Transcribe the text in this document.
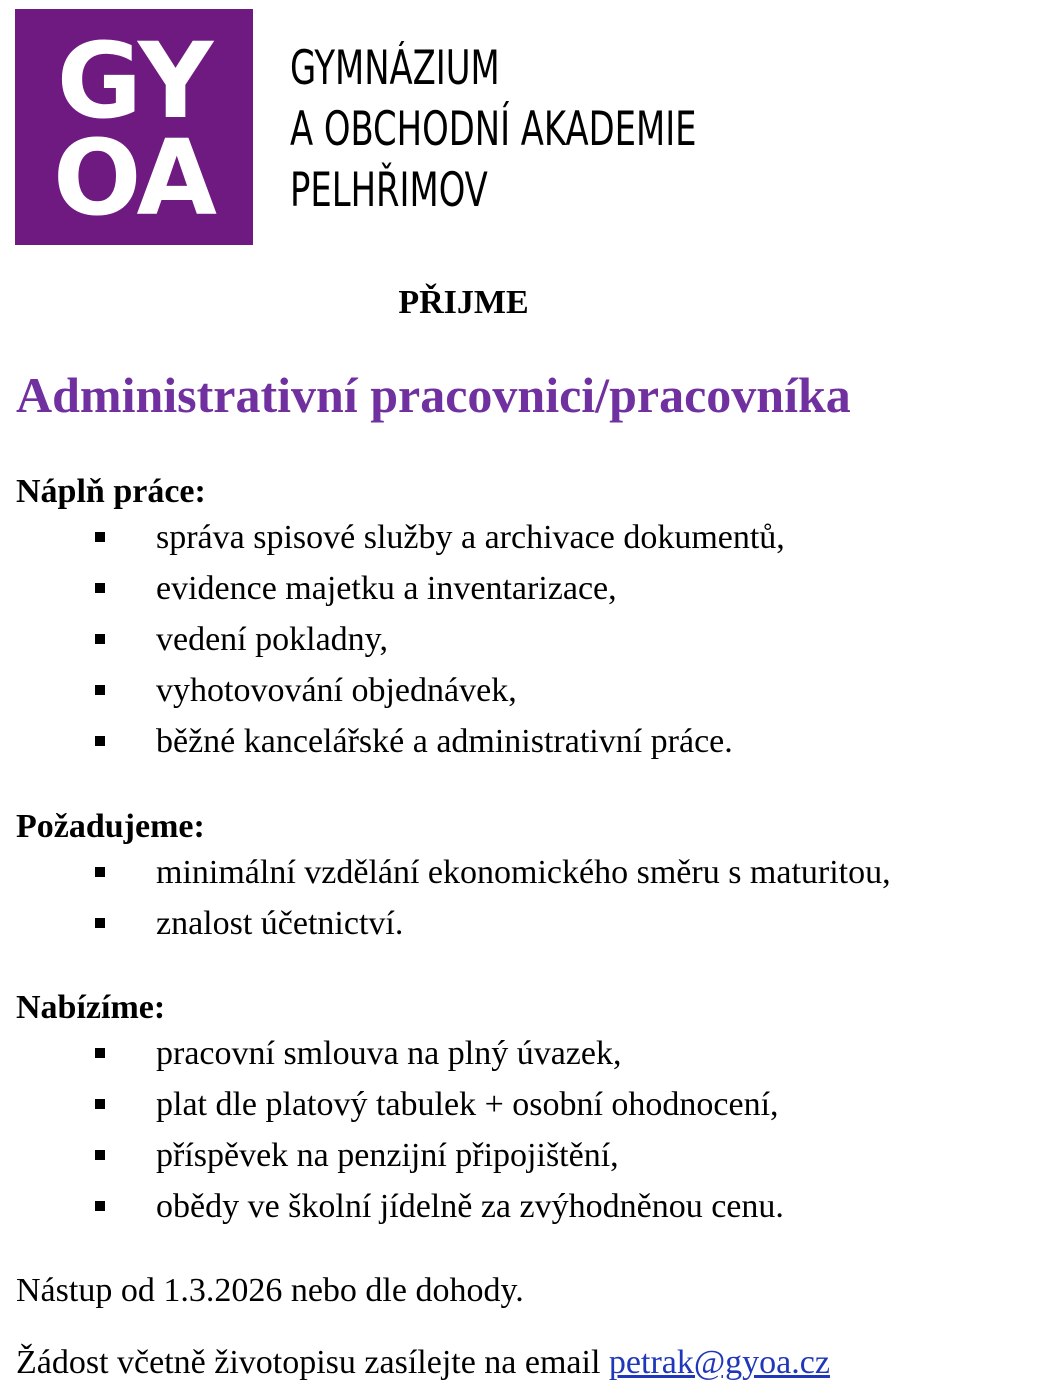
GY
OA
GYMNÁZIUM
A OBCHODNÍ AKADEMIE
PELHŘIMOV
PŘIJME
Administrativní pracovnici/pracovníka
Náplň práce:
správa spisové služby a archivace dokumentů,
evidence majetku a inventarizace,
vedení pokladny,
vyhotovování objednávek,
běžné kancelářské a administrativní práce.
Požadujeme:
minimální vzdělání ekonomického směru s maturitou,
znalost účetnictví.
Nabízíme:
pracovní smlouva na plný úvazek,
plat dle platový tabulek + osobní ohodnocení,
příspěvek na penzijní připojištění,
obědy ve školní jídelně za zvýhodněnou cenu.
Nástup od 1.3.2026 nebo dle dohody.
Žádost včetně životopisu zasílejte na email petrak@gyoa.cz
